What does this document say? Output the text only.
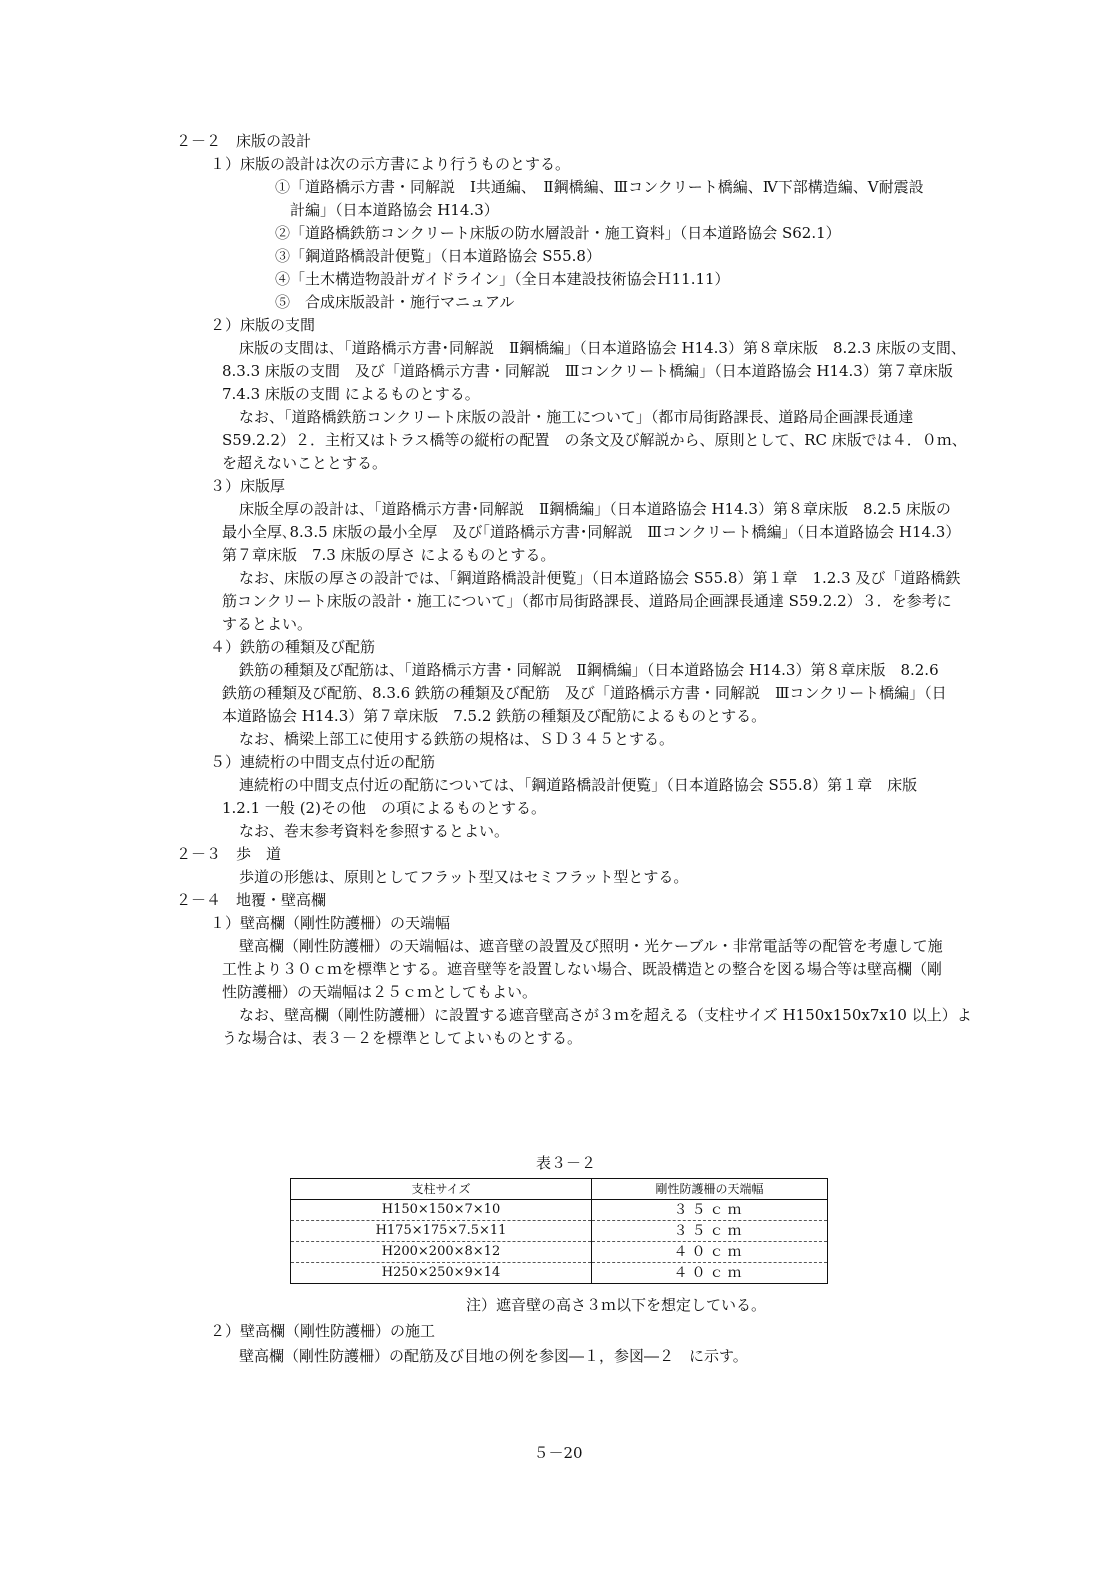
２－２　床版の設計
１）床版の設計は次の示方書により行うものとする。
①「道路橋示方書・同解説　Ⅰ共通編、　Ⅱ鋼橋編、Ⅲコンクリート橋編、Ⅳ下部構造編、Ⅴ耐震設
計編」（日本道路協会 H14.3）
②「道路橋鉄筋コンクリート床版の防水層設計・施工資料」（日本道路協会 S62.1）
③「鋼道路橋設計便覧」（日本道路協会 S55.8）
④「土木構造物設計ガイドライン」（全日本建設技術協会Ｈ11.11）
⑤　合成床版設計・施行マニュアル
２）床版の支間
床版の支間は､「道路橋示方書･同解説　Ⅱ鋼橋編」（日本道路協会 H14.3）第８章床版　8.2.3 床版の支間、
8.3.3 床版の支間　及び「道路橋示方書・同解説　Ⅲコンクリート橋編」（日本道路協会 H14.3）第７章床版
7.4.3 床版の支間 によるものとする。
なお、「道路橋鉄筋コンクリート床版の設計・施工について」（都市局街路課長、道路局企画課長通達
S59.2.2）２．主桁又はトラス橋等の縦桁の配置　の条文及び解説から、原則として、RC 床版では４．０ｍ、
を超えないこととする。
３）床版厚
床版全厚の設計は、「道路橋示方書･同解説　Ⅱ鋼橋編」（日本道路協会 H14.3）第８章床版　8.2.5 床版の
最小全厚､8.3.5 床版の最小全厚　及び｢道路橋示方書･同解説　Ⅲコンクリート橋編」（日本道路協会 H14.3）
第７章床版　7.3 床版の厚さ によるものとする。
なお、床版の厚さの設計では、「鋼道路橋設計便覧」（日本道路協会 S55.8）第１章　1.2.3 及び「道路橋鉄
筋コンクリート床版の設計・施工について」（都市局街路課長、道路局企画課長通達 S59.2.2）３．を参考に
するとよい。
４）鉄筋の種類及び配筋
鉄筋の種類及び配筋は、「道路橋示方書・同解説　Ⅱ鋼橋編」（日本道路協会 H14.3）第８章床版　8.2.6
鉄筋の種類及び配筋、8.3.6 鉄筋の種類及び配筋　及び「道路橋示方書・同解説　Ⅲコンクリート橋編」（日
本道路協会 H14.3）第７章床版　7.5.2 鉄筋の種類及び配筋によるものとする。
なお、橋梁上部工に使用する鉄筋の規格は、ＳＤ３４５とする。
５）連続桁の中間支点付近の配筋
連続桁の中間支点付近の配筋については、「鋼道路橋設計便覧」（日本道路協会 S55.8）第１章　床版
1.2.1 一般 (2)その他　の項によるものとする。
なお、巻末参考資料を参照するとよい。
２－３　歩　道
歩道の形態は、原則としてフラット型又はセミフラット型とする。
２－４　地覆・壁高欄
１）壁高欄（剛性防護柵）の天端幅
壁高欄（剛性防護柵）の天端幅は、遮音壁の設置及び照明・光ケーブル・非常電話等の配管を考慮して施
工性より３０ｃｍを標準とする。遮音壁等を設置しない場合、既設構造との整合を図る場合等は壁高欄（剛
性防護柵）の天端幅は２５ｃｍとしてもよい。
なお、壁高欄（剛性防護柵）に設置する遮音壁高さが３ｍを超える（支柱サイズ H150x150x7x10 以上）よ
うな場合は、表３－２を標準としてよいものとする。
表３－２
支柱サイズ	剛性防護柵の天端幅
H150×150×7×10	３５ｃｍ
H175×175×7.5×11	３５ｃｍ
H200×200×8×12	４０ｃｍ
H250×250×9×14	４０ｃｍ
注）遮音壁の高さ３ｍ以下を想定している。
２）壁高欄（剛性防護柵）の施工
壁高欄（剛性防護柵）の配筋及び目地の例を参図―１，参図―２　に示す。
５－20
